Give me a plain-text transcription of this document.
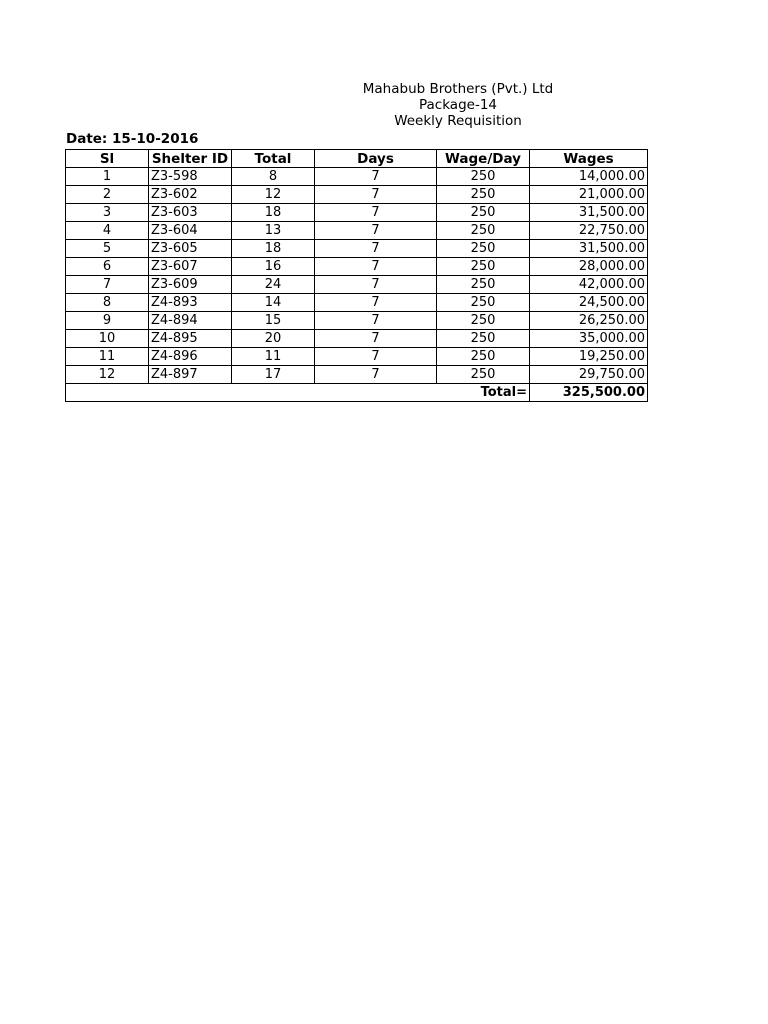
Mahabub Brothers (Pvt.) Ltd
Package-14
Weekly Requisition
Date: 15-10-2016
Sl	Shelter ID	Total	Days	Wage/Day	Wages
1	Z3-598	8	7	250	14,000.00
2	Z3-602	12	7	250	21,000.00
3	Z3-603	18	7	250	31,500.00
4	Z3-604	13	7	250	22,750.00
5	Z3-605	18	7	250	31,500.00
6	Z3-607	16	7	250	28,000.00
7	Z3-609	24	7	250	42,000.00
8	Z4-893	14	7	250	24,500.00
9	Z4-894	15	7	250	26,250.00
10	Z4-895	20	7	250	35,000.00
11	Z4-896	11	7	250	19,250.00
12	Z4-897	17	7	250	29,750.00
Total=					325,500.00
